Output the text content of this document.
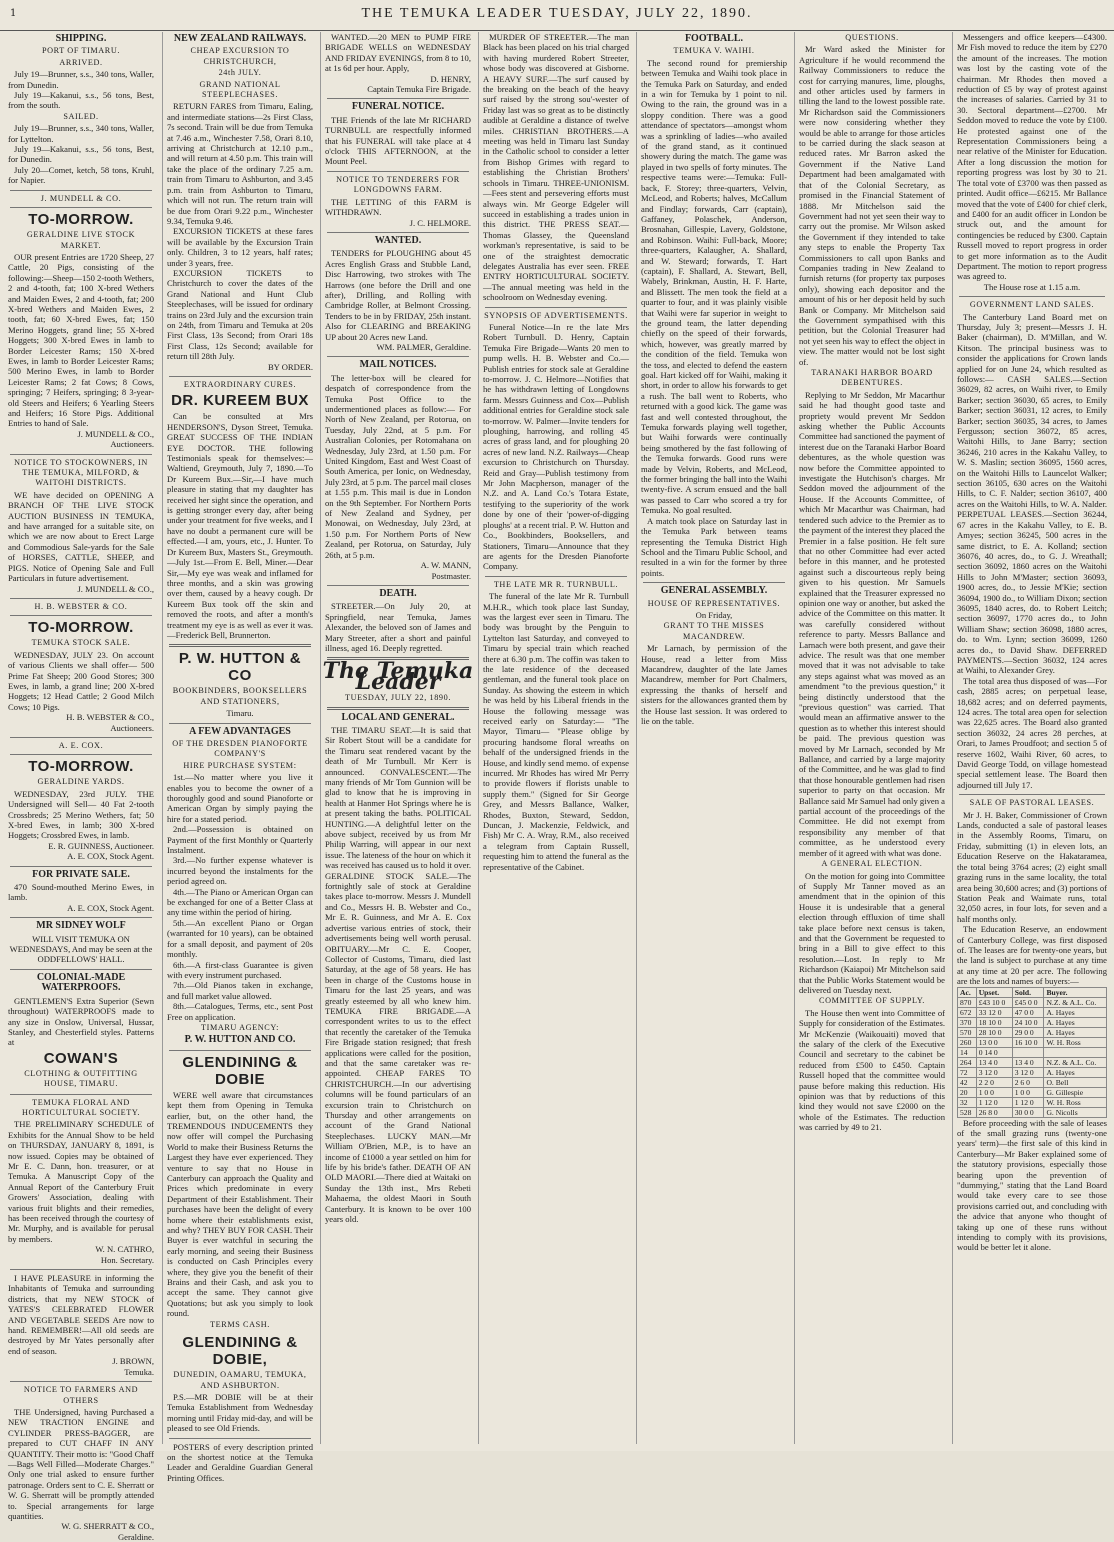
1	THE TEMUKA LEADER TUESDAY, JULY 22, 1890.
SHIPPING.
PORT OF TIMARU.
ARRIVED.

July 19—Brunner, s.s., 340 tons, Waller, from Dunedin.

July 19—Kakanui, s.s., 56 tons, Best, from the south.

SAILED.

July 19—Brunner, s.s., 340 tons, Waller, for Lyttelton.

July 19—Kakanui, s.s., 56 tons, Best, for Dunedin.

July 20—Comet, ketch, 58 tons, Kruhl, for Napier.

J. MUNDELL & CO.
TO-MORROW.
GERALDINE LIVE STOCK MARKET.

OUR present Entries are 1720 Sheep, 27 Cattle, 20 Pigs, consisting of the following:—Sheep—150 2-tooth Wethers, 2 and 4-tooth, fat; 100 X-bred Wethers and Maiden Ewes, 2 and 4-tooth, fat; 200 X-bred Wethers and Maiden Ewes, 2 tooth, fat; 60 X-bred Ewes, fat; 150 Merino Hoggets, grand line; 55 X-bred Hoggets; 300 X-bred Ewes in lamb to Border Leicester Rams; 150 X-bred Ewes, in lamb to Border Leicester Rams; 500 Merino Ewes, in lamb to Border Leicester Rams; 2 fat Cows; 8 Cows, springing; 7 Heifers, springing; 8 3-year-old Steers and Heifers; 6 Yearling Steers and Heifers; 16 Store Pigs. Additional Entries to hand of Sale.

J. MUNDELL & CO.,
Auctioneers.
NOTICE TO STOCKOWNERS, IN THE TEMUKA, MILFORD, & WAITOHI DISTRICTS.

WE have decided on OPENING A BRANCH OF THE LIVE STOCK AUCTION BUSINESS IN TEMUKA, and have arranged for a suitable site, on which we are now about to Erect Large and Commodious Sale-yards for the Sale of HORSES, CATTLE, SHEEP, and PIGS. Notice of Opening Sale and Full Particulars in future advertisement.

J. MUNDELL & CO.,
H. B. WEBSTER & CO.
TO-MORROW.
TEMUKA STOCK SALE.

WEDNESDAY, JULY 23. On account of various Clients we shall offer— 500 Prime Fat Sheep; 200 Good Stores; 300 Ewes, in lamb, a grand line; 200 X-bred Hoggets; 12 Head Cattle; 2 Good Milch Cows; 10 Pigs.

H. B. WEBSTER & CO.,
Auctioneers.
A. E. COX.
TO-MORROW.
GERALDINE YARDS.

WEDNESDAY, 23rd JULY. THE Undersigned will Sell— 40 Fat 2-tooth Crossbreds; 25 Merino Wethers, fat; 50 X-bred Ewes, in lamb; 300 X-bred Hoggets; Crossbred Ewes, in lamb.

E. R. GUINNESS, Auctioneer.
A. E. COX, Stock Agent.
FOR PRIVATE SALE.

470 Sound-mouthed Merino Ewes, in lamb.

A. E. COX, Stock Agent.
MR SIDNEY WOLF
WILL VISIT TEMUKA ON WEDNESDAYS, And may be seen at the ODDFELLOWS' HALL.
COLONIAL-MADE WATERPROOFS.

GENTLEMEN'S Extra Superior (Sewn throughout) WATERPROOFS made to any size in Onslow, Universal, Hussar, Stanley, and Chesterfield styles. Patterns at

COWAN'S
CLOTHING & OUTFITTING HOUSE, TIMARU.
TEMUKA FLORAL AND HORTICULTURAL SOCIETY.

THE PRELIMINARY SCHEDULE of Exhibits for the Annual Show to be held on THURSDAY, JANUARY 8, 1891, is now issued. Copies may be obtained of Mr E. C. Dann, hon. treasurer, or at Temuka. A Manuscript Copy of the Annual Report of the Canterbury Fruit Growers' Association, dealing with various fruit blights and their remedies, has been received through the courtesy of Mr. Murphy, and is available for perusal by members.

W. N. CATHRO,
Hon. Secretary.

I HAVE PLEASURE in informing the Inhabitants of Temuka and surrounding districts, that my NEW STOCK of YATES'S CELEBRATED FLOWER AND VEGETABLE SEEDS Are now to hand. REMEMBER!—All old seeds are destroyed by Mr Yates personally after end of season.

J. BROWN,
Temuka.
NOTICE TO FARMERS AND OTHERS

THE Undersigned, having Purchased a NEW TRACTION ENGINE and CYLINDER PRESS-BAGGER, are prepared to CUT CHAFF IN ANY QUANTITY. Their motto is: "Good Chaff—Bags Well Filled—Moderate Charges." Only one trial asked to ensure further patronage. Orders sent to C. E. Sherratt or W. G. Sherratt will be promptly attended to. Special arrangements for large quantities.

W. G. SHERRATT & CO.,
Geraldine.
NEW ZEALAND RAILWAYS.
CHEAP EXCURSION TO CHRISTCHURCH,
24th JULY.
GRAND NATIONAL STEEPLECHASES.

RETURN FARES from Timaru, Ealing, and intermediate stations—2s First Class, 7s second. Train will be due from Temuka at 7.46 a.m., Winchester 7.58, Orari 8.10, arriving at Christchurch at 12.10 p.m., and will return at 4.50 p.m. This train will take the place of the ordinary 7.25 a.m. train from Timaru to Ashburton, and 3.45 p.m. train from Ashburton to Timaru, which will not run. The return train will be due from Orari 9.22 p.m., Winchester 9.34, Temuka 9.46.

EXCURSION TICKETS at these fares will be available by the Excursion Train only. Children, 3 to 12 years, half rates; under 3 years, free.

EXCURSION TICKETS to Christchurch to cover the dates of the Grand National and Hunt Club Steeplechases, will be issued for ordinary trains on 23rd July and the excursion train on 24th, from Timaru and Temuka at 20s First Class, 13s Second; from Orari 18s First Class, 12s Second; available for return till 28th July.

BY ORDER.
EXTRAORDINARY CURES.
DR. KUREEM BUX

Can be consulted at Mrs HENDERSON'S, Dyson Street, Temuka. GREAT SUCCESS OF THE INDIAN EYE DOCTOR. THE following Testimonials speak for themselves:— Waltiend, Greymouth, July 7, 1890.—To Dr Kureem Bux.—Sir,—I have much pleasure in stating that my daughter has received her sight since the operation, and is getting stronger every day, after being under your treatment for five weeks, and I have no doubt a permanent cure will be effected.—I am, yours, etc., J. Hunter. To Dr Kureem Bux, Masters St., Greymouth.—July 1st.—From E. Bell, Miner.—Dear Sir,—My eye was weak and inflamed for three months, and a skin was growing over them, caused by a heavy cough. Dr Kureem Bux took off the skin and removed the roots, and after a month's treatment my eye is as well as ever it was.—Frederick Bell, Brunnerton.

P. W. HUTTON & CO
BOOKBINDERS, BOOKSELLERS AND STATIONERS,
Timaru.
A FEW ADVANTAGES
OF THE DRESDEN PIANOFORTE COMPANY'S
HIRE PURCHASE SYSTEM:

1st.—No matter where you live it enables you to become the owner of a thoroughly good and sound Pianoforte or American Organ by simply paying the hire for a stated period.

2nd.—Possession is obtained on Payment of the first Monthly or Quarterly Instalment.

3rd.—No further expense whatever is incurred beyond the instalments for the period agreed on.

4th.—The Piano or American Organ can be exchanged for one of a Better Class at any time within the period of hiring.

5th.—An excellent Piano or Organ (warranted for 10 years), can be obtained for a small deposit, and payment of 20s monthly.

6th.—A first-class Guarantee is given with every instrument purchased.

7th.—Old Pianos taken in exchange, and full market value allowed.

8th.—Catalogues, Terms, etc., sent Post Free on application.

TIMARU AGENCY:
P. W. HUTTON AND CO.
GLENDINING & DOBIE

WERE well aware that circumstances kept them from Opening in Temuka earlier, but, on the other hand, the TREMENDOUS INDUCEMENTS they now offer will compel the Purchasing World to make their Business Returns the Largest they have ever experienced. They venture to say that no House in Canterbury can approach the Quality and Prices which predominate in every Department of their Establishment. Their purchases have been the delight of every home where their establishments exist, and why? THEY BUY FOR CASH. Their Buyer is ever watchful in securing the early morning, and seeing their Business is conducted on Cash Principles every where, they give you the benefit of their Brains and their Cash, and ask you to accept the same. They cannot give Quotations; but ask you simply to look round.

TERMS CASH.
GLENDINING & DOBIE,
DUNEDIN, OAMARU, TEMUKA, AND ASHBURTON.

P.S.—MR DOBIE will be at their Temuka Establishment from Wednesday morning until Friday mid-day, and will be pleased to see Old Friends.

POSTERS of every description printed on the shortest notice at the Temuka Leader and Geraldine Guardian General Printing Offices.

WANTED.—20 MEN to PUMP FIRE BRIGADE WELLS on WEDNESDAY AND FRIDAY EVENINGS, from 8 to 10, at 1s 6d per hour. Apply,

D. HENRY,
Captain Temuka Fire Brigade.
FUNERAL NOTICE.

THE Friends of the late Mr RICHARD TURNBULL are respectfully informed that his FUNERAL will take place at 4 o'clock THIS AFTERNOON, at the Mount Peel.

NOTICE TO TENDERERS FOR LONGDOWNS FARM.

THE LETTING of this FARM is WITHDRAWN.

J. C. HELMORE.
WANTED.

TENDERS for PLOUGHING about 45 Acres English Grass and Stubble Land, Disc Harrowing, two strokes with The Harrows (one before the Drill and one after), Drilling, and Rolling with Cambridge Roller, at Belmont Crossing. Tenders to be in by FRIDAY, 25th instant. Also for CLEARING and BREAKING UP about 20 Acres new Land.

WM. PALMER, Geraldine.
MAIL NOTICES.

The letter-box will be cleared for despatch of correspondence from the Temuka Post Office to the undermentioned places as follow:— For North of New Zealand, per Rotorua, on Tuesday, July 22nd, at 5 p.m. For Australian Colonies, per Rotomahana on Wednesday, July 23rd, at 1.50 p.m. For United Kingdom, East and West Coast of South America, per Ionic, on Wednesday, July 23rd, at 5 p.m. The parcel mail closes at 1.55 p.m. This mail is due in London on the 9th September. For Northern Ports of New Zealand and Sydney, per Monowai, on Wednesday, July 23rd, at 1.50 p.m. For Northern Ports of New Zealand, per Rotorua, on Saturday, July 26th, at 5 p.m.

A. W. MANN,
Postmaster.
DEATH.

STREETER.—On July 20, at Springfield, near Temuka, James Alexander, the beloved son of James and Mary Streeter, after a short and painful illness, aged 16. Deeply regretted.

The Temuka Leader
TUESDAY, JULY 22, 1890.
LOCAL AND GENERAL.

THE TIMARU SEAT.—It is said that Sir Robert Stout will be a candidate for the Timaru seat rendered vacant by the death of Mr Turnbull. Mr Kerr is announced. CONVALESCENT.—The many friends of Mr Tom Gunnion will be glad to know that he is improving in health at Hanmer Hot Springs where he is at present taking the baths. POLITICAL HUNTING.—A delightful letter on the above subject, received by us from Mr Philip Warring, will appear in our next issue. The lateness of the hour on which it was received has caused us to hold it over. GERALDINE STOCK SALE.—The fortnightly sale of stock at Geraldine takes place to-morrow. Messrs J. Mundell and Co., Messrs H. B. Webster and Co., Mr E. R. Guinness, and Mr A. E. Cox advertise various entries of stock, their advertisements being well worth perusal. OBITUARY.—Mr C. E. Cooper, Collector of Customs, Timaru, died last Saturday, at the age of 58 years. He has been in charge of the Customs house in Timaru for the last 25 years, and was greatly esteemed by all who knew him. TEMUKA FIRE BRIGADE.—A correspondent writes to us to the effect that recently the caretaker of the Temuka Fire Brigade station resigned; that fresh applications were called for the position, and that the same caretaker was re-appointed. CHEAP FARES TO CHRISTCHURCH.—In our advertising columns will be found particulars of an excursion train to Christchurch on Thursday and other arrangements on account of the Grand National Steeplechases. LUCKY MAN.—Mr William O'Brien, M.P., is to have an income of £1000 a year settled on him for life by his bride's father. DEATH OF AN OLD MAORI.—There died at Waitaki on Sunday the 13th inst., Mrs Rebeti Mahaema, the oldest Maori in South Canterbury. It is known to be over 100 years old.

MURDER OF STREETER.—The man Black has been placed on his trial charged with having murdered Robert Streeter, whose body was discovered at Gisborne. A HEAVY SURF.—The surf caused by the breaking on the beach of the heavy surf raised by the strong sou'-wester of Friday last was so great as to be distinctly audible at Geraldine a distance of twelve miles. CHRISTIAN BROTHERS.—A meeting was held in Timaru last Sunday in the Catholic school to consider a letter from Bishop Grimes with regard to establishing the Christian Brothers' schools in Timaru. THREE-UNIONISM.—Fees stent and persevering efforts must always win. Mr George Edgeler will succeed in establishing a trades union in this district. THE PRESS SEAT.—Thomas Glassey, the Queensland workman's representative, is said to be one of the straightest democratic delegates Australia has ever seen. FREE ENTRY HORTICULTURAL SOCIETY.—The annual meeting was held in the schoolroom on Wednesday evening.

SYNOPSIS OF ADVERTISEMENTS.

Funeral Notice—In re the late Mrs Robert Turnbull. D. Henry, Captain Temuka Fire Brigade—Wants 20 men to pump wells. H. B. Webster and Co.—Publish entries for stock sale at Geraldine to-morrow. J. C. Helmore—Notifies that he has withdrawn letting of Longdowns farm. Messrs Guinness and Cox—Publish additional entries for Geraldine stock sale to-morrow. W. Palmer—Invite tenders for ploughing, harrowing, and rolling 45 acres of grass land, and for ploughing 20 acres of new land. N.Z. Railways—Cheap excursion to Christchurch on Thursday. Reid and Gray—Publish testimony from Mr John Macpherson, manager of the N.Z. and A. Land Co.'s Totara Estate, testifying to the superiority of the work done by one of their 'power-of-digging ploughs' at a recent trial. P. W. Hutton and Co., Bookbinders, Booksellers, and Stationers, Timaru—Announce that they are agents for the Dresden Pianoforte Company.

THE LATE MR R. TURNBULL.

The funeral of the late Mr R. Turnbull M.H.R., which took place last Sunday, was the largest ever seen in Timaru. The body was brought by the Penguin to Lyttelton last Saturday, and conveyed to Timaru by special train which reached there at 6.30 p.m. The coffin was taken to the late residence of the deceased gentleman, and the funeral took place on Sunday. As showing the esteem in which he was held by his Liberal friends in the House the following message was received early on Saturday:— "The Mayor, Timaru— "Please oblige by procuring handsome floral wreaths on behalf of the undersigned friends in the House, and kindly send memo. of expense incurred. Mr Rhodes has wired Mr Perry to provide flowers if florists unable to supply them." (Signed for Sir George Grey, and Messrs Ballance, Walker, Rhodes, Buxton, Steward, Seddon, Duncan, J. Mackenzie, Feldwick, and Fish) Mr C. A. Wray, R.M., also received a telegram from Captain Russell, requesting him to attend the funeral as the representative of the Cabinet.

FOOTBALL.
TEMUKA V. WAIHI.

The second round for premiership between Temuka and Waihi took place in the Temuka Park on Saturday, and ended in a win for Temuka by 1 point to nil. Owing to the rain, the ground was in a sloppy condition. There was a good attendance of spectators—amongst whom was a sprinkling of ladies—who availed of the grand stand, as it continued showery during the match. The game was played in two spells of forty minutes. The respective teams were:—Temuka: Full-back, F. Storey; three-quarters, Velvin, McLeod, and Roberts; halves, McCallum and Findlay; forwards, Carr (captain), Gaffaney, Polaschek, Anderson, Brosnahan, Gillespie, Lavery, Goldstone, and Robinson. Waihi: Full-back, Moore; three-quarters, Kalaugher, A. Shallard, and W. Steward; forwards, T. Hart (captain), F. Shallard, A. Stewart, Bell, Wabely, Brinkman, Austin, H. F. Harte, and Blissett. The men took the field at a quarter to four, and it was plainly visible that Waihi were far superior in weight to the ground team, the latter depending chiefly on the speed of their forwards, which, however, was greatly marred by the condition of the field. Temuka won the toss, and elected to defend the eastern goal. Hart kicked off for Waihi, making it short, in order to allow his forwards to get a rush. The ball went to Roberts, who returned with a good kick. The game was fast and well contested throughout, the Temuka forwards playing well together, but Waihi forwards were continually being smothered by the fast following of the Temuka forwards. Good runs were made by Velvin, Roberts, and McLeod, the former bringing the ball into the Waihi twenty-five. A scrum ensued and the ball was passed to Carr who scored a try for Temuka. No goal resulted.

A match took place on Saturday last in the Temuka Park between teams representing the Temuka District High School and the Timaru Public School, and resulted in a win for the former by three points.

GENERAL ASSEMBLY.
HOUSE OF REPRESENTATIVES.
On Friday,
GRANT TO THE MISSES MACANDREW.

Mr Larnach, by permission of the House, read a letter from Miss Macandrew, daughter of the late James Macandrew, member for Port Chalmers, expressing the thanks of herself and sisters for the allowances granted them by the House last session. It was ordered to lie on the table.

QUESTIONS.

Mr Ward asked the Minister for Agriculture if he would recommend the Railway Commissioners to reduce the cost for carrying manures, lime, ploughs, and other articles used by farmers in tilling the land to the lowest possible rate. Mr Richardson said the Commissioners were now considering whether they would be able to arrange for those articles to be carried during the slack season at reduced rates. Mr Barron asked the Government if the Native Land Department had been amalgamated with that of the Colonial Secretary, as promised in the Financial Statement of 1888. Mr Mitchelson said the Government had not yet seen their way to carry out the promise. Mr Wilson asked the Government if they intended to take any steps to enable the Property Tax Commissioners to call upon Banks and Companies trading in New Zealand to furnish returns (for property tax purposes only), showing each depositor and the amount of his or her deposit held by such Bank or Company. Mr Mitchelson said the Government sympathised with this petition, but the Colonial Treasurer had not yet seen his way to effect the object in view. The matter would not be lost sight of.

TARANAKI HARBOR BOARD DEBENTURES.

Replying to Mr Seddon, Mr Macarthur said he had thought good taste and propriety would prevent Mr Seddon asking whether the Public Accounts Committee had sanctioned the payment of interest due on the Taranaki Harbor Board debentures, as the whole question was now before the Committee appointed to investigate the Hutchison's charges. Mr Seddon moved the adjournment of the House. If the Accounts Committee, of which Mr Macarthur was Chairman, had tendered such advice to the Premier as to the payment of the interest they placed the Premier in a false position. He felt sure that no other Committee had ever acted before in this manner, and he protested against such a discourteous reply being given to his question. Mr Samuels explained that the Treasurer expressed no opinion one way or another, but asked the advice of the Committee on this matter. It was carefully considered without reference to party. Messrs Ballance and Larnach were both present, and gave their advice. The result was that one member moved that it was not advisable to take any steps against what was moved as an amendment "to the previous question," it being distinctly understood that the "previous question" was carried. That would mean an affirmative answer to the question as to whether this interest should be paid. The previous question was moved by Mr Larnach, seconded by Mr Ballance, and carried by a large majority of the Committee, and he was glad to find that those honourable gentlemen had risen superior to party on that occasion. Mr Ballance said Mr Samuel had only given a partial account of the proceedings of the Committee. He did not exempt from responsibility any member of that committee, as he understood every member of it agreed with what was done.

A GENERAL ELECTION.

On the motion for going into Committee of Supply Mr Tanner moved as an amendment that in the opinion of this House it is undesirable that a general election through effluxion of time shall take place before next census is taken, and that the Government be requested to bring in a Bill to give effect to this resolution.—Lost. In reply to Mr Richardson (Kaiapoi) Mr Mitchelson said that the Public Works Statement would be delivered on Tuesday next.

COMMITTEE OF SUPPLY.

The House then went into Committee of Supply for consideration of the Estimates. Mr McKenzie (Waikouaiti) moved that the salary of the clerk of the Executive Council and secretary to the cabinet be reduced from £500 to £450. Captain Russell hoped that the committee would pause before making this reduction. His opinion was that by reductions of this kind they would not save £2000 on the whole of the Estimates. The reduction was carried by 49 to 21.

Messengers and office keepers—£4300. Mr Fish moved to reduce the item by £270 the amount of the increases. The motion was lost by the casting vote of the chairman. Mr Rhodes then moved a reduction of £5 by way of protest against the increases of salaries. Carried by 31 to 30. Sectoral department—£2700. Mr Seddon moved to reduce the vote by £100. He protested against one of the Representation Commissioners being a near relative of the Minister for Education. After a long discussion the motion for reporting progress was lost by 30 to 21. The total vote of £3700 was then passed as printed. Audit office—£6215. Mr Ballance moved that the vote of £400 for chief clerk, and £400 for an audit officer in London be struck out, and the amount for contingencies be reduced by £300. Captain Russell moved to report progress in order to get more information as to the Audit Department. The motion to report progress was agreed to.

The House rose at 1.15 a.m.
GOVERNMENT LAND SALES.

The Canterbury Land Board met on Thursday, July 3; present—Messrs J. H. Baker (chairman), D. M'Millan, and W. Kitson. The principal business was to consider the applications for Crown lands applied for on June 24, which resulted as follows:— CASH SALES.—Section 36029, 82 acres, on Waihi river, to Emily Barker; section 36030, 65 acres, to Emily Barker; section 36031, 12 acres, to Emily Barker; section 36035, 34 acres, to James Fergusson; section 36072, 85 acres, Waitohi Hills, to Jane Barry; section 36246, 210 acres in the Kakahu Valley, to W. S. Maslin; section 36095, 1560 acres, on the Waitohi Hills to Launcelot Walker; section 36105, 630 acres on the Waitohi Hills, to C. F. Nalder; section 36107, 400 acres on the Waitohi Hills, to W. A. Nalder. PERPETUAL LEASES.—Section 36244, 67 acres in the Kakahu Valley, to E. B. Amyes; section 36245, 500 acres in the same district, to E. A. Kolland; section 36076, 40 acres, do., to G. J. Wreathall; section 36092, 1860 acres on the Waitohi Hills to John M'Master; section 36093, 1900 acres, do., to Jessie M'Kie; section 36094, 1900 do., to William Dixon; section 36095, 1840 acres, do. to Robert Leitch; section 36097, 1770 acres do., to John William Shaw; section 36098, 1880 acres, do. to Wm. Lynn; section 36099, 1260 acres do., to David Shaw. DEFERRED PAYMENTS.—Section 36032, 124 acres at Waihi, to Alexander Grey.

The total area thus disposed of was—For cash, 2885 acres; on perpetual lease, 18,682 acres; and on deferred payments, 124 acres. The total area open for selection was 22,625 acres. The Board also granted section 36032, 24 acres 28 perches, at Orari, to James Proudfoot; and section 5 of reserve 1602, Waihi River, 60 acres, to David George Todd, on village homestead special settlement lease. The Board then adjourned till July 17.

SALE OF PASTORAL LEASES.

Mr J. H. Baker, Commissioner of Crown Lands, conducted a sale of pastoral leases in the Assembly Rooms, Timaru, on Friday, submitting (1) in eleven lots, an Education Reserve on the Hakataramea, the total being 3764 acres; (2) eight small grazing runs in the same locality, the total area being 30,600 acres; and (3) portions of Station Peak and Waimate runs, total 32,050 acres, in four lots, for seven and a half months only.

The Education Reserve, an endowment of Canterbury College, was first disposed of. The leases are for twenty-one years, but the land is subject to purchase at any time at any time at 20 per acre. The following are the lots and names of buyers:—

Ac.	Upset.	Sold.	Buyer.
870	£43 10 0	£45 0 0	N.Z. & A.L. Co.
672	33 12 0	47 0 0	A. Hayes
370	18 10 0	24 10 0	A. Hayes
570	28 10 0	29 0 0	A. Hayes
260	13 0 0	16 10 0	W. H. Ross
14	0 14 0		
264	13 4 0	13 4 0	N.Z. & A.L. Co.
72	3 12 0	3 12 0	A. Hayes
42	2 2 0	2 6 0	O. Bell
20	1 0 0	1 0 0	G. Gillespie
32	1 12 0	1 12 0	W. H. Ross
528	26 8 0	30 0 0	G. Nicolls

Before proceeding with the sale of leases of the small grazing runs (twenty-one years' term)—the first sale of this kind in Canterbury—Mr Baker explained some of the statutory provisions, especially those bearing upon the prevention of "dummying," stating that the Land Board would take every care to see those provisions carried out, and concluding with the advice that anyone who thought of taking up one of these runs without intending to comply with its provisions, would be better let it alone.
